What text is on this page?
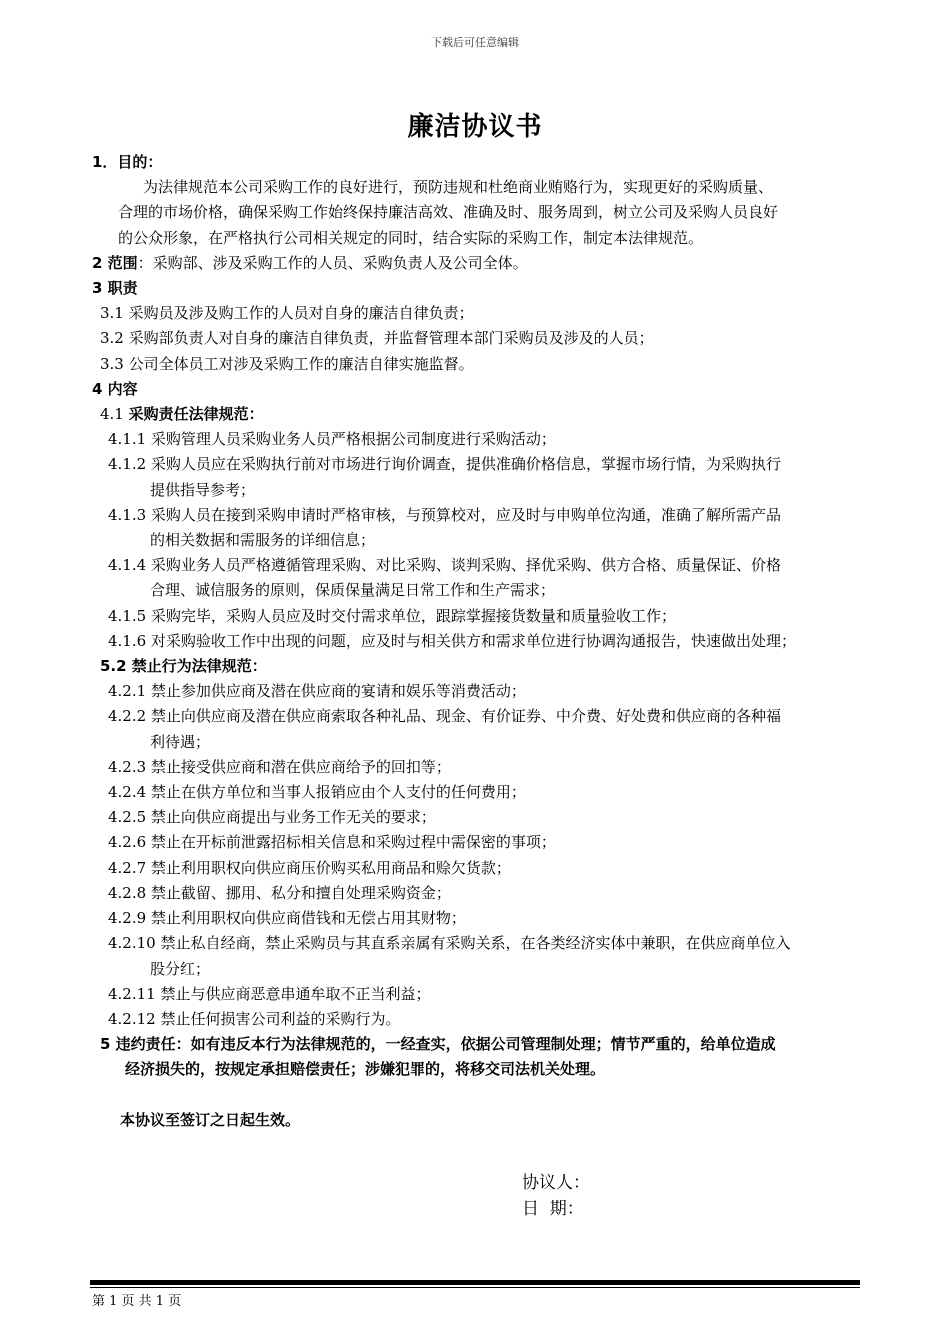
下载后可任意编辑
廉洁协议书
1．目的：
为法律规范本公司采购工作的良好进行，预防违规和杜绝商业贿赂行为，实现更好的采购质量、
合理的市场价格，确保采购工作始终保持廉洁高效、准确及时、服务周到，树立公司及采购人员良好
的公众形象，在严格执行公司相关规定的同时，结合实际的采购工作，制定本法律规范。
2 范围：采购部、涉及采购工作的人员、采购负责人及公司全体。
3 职责
3.1 采购员及涉及购工作的人员对自身的廉洁自律负责；
3.2 采购部负责人对自身的廉洁自律负责，并监督管理本部门采购员及涉及的人员；
3.3 公司全体员工对涉及采购工作的廉洁自律实施监督。
4 内容
4.1 采购责任法律规范：
4.1.1 采购管理人员采购业务人员严格根据公司制度进行采购活动；
4.1.2 采购人员应在采购执行前对市场进行询价调查，提供准确价格信息，掌握市场行情，为采购执行
提供指导参考；
4.1.3 采购人员在接到采购申请时严格审核，与预算校对，应及时与申购单位沟通，准确了解所需产品
的相关数据和需服务的详细信息；
4.1.4 采购业务人员严格遵循管理采购、对比采购、谈判采购、择优采购、供方合格、质量保证、价格
合理、诚信服务的原则，保质保量满足日常工作和生产需求；
4.1.5 采购完毕，采购人员应及时交付需求单位，跟踪掌握接货数量和质量验收工作；
4.1.6 对采购验收工作中出现的问题，应及时与相关供方和需求单位进行协调沟通报告，快速做出处理；
5.2 禁止行为法律规范：
4.2.1 禁止参加供应商及潜在供应商的宴请和娱乐等消费活动；
4.2.2 禁止向供应商及潜在供应商索取各种礼品、现金、有价证券、中介费、好处费和供应商的各种福
利待遇；
4.2.3 禁止接受供应商和潜在供应商给予的回扣等；
4.2.4 禁止在供方单位和当事人报销应由个人支付的任何费用；
4.2.5 禁止向供应商提出与业务工作无关的要求；
4.2.6 禁止在开标前泄露招标相关信息和采购过程中需保密的事项；
4.2.7 禁止利用职权向供应商压价购买私用商品和赊欠货款；
4.2.8 禁止截留、挪用、私分和擅自处理采购资金；
4.2.9 禁止利用职权向供应商借钱和无偿占用其财物；
4.2.10 禁止私自经商，禁止采购员与其直系亲属有采购关系，在各类经济实体中兼职，在供应商单位入
股分红；
4.2.11 禁止与供应商恶意串通牟取不正当利益；
4.2.12 禁止任何损害公司利益的采购行为。
5 违约责任：如有违反本行为法律规范的，一经查实，依据公司管理制处理；情节严重的，给单位造成
经济损失的，按规定承担赔偿责任；涉嫌犯罪的，将移交司法机关处理。
本协议至签订之日起生效。
协议人：
日  期：
第 1 页 共 1 页
